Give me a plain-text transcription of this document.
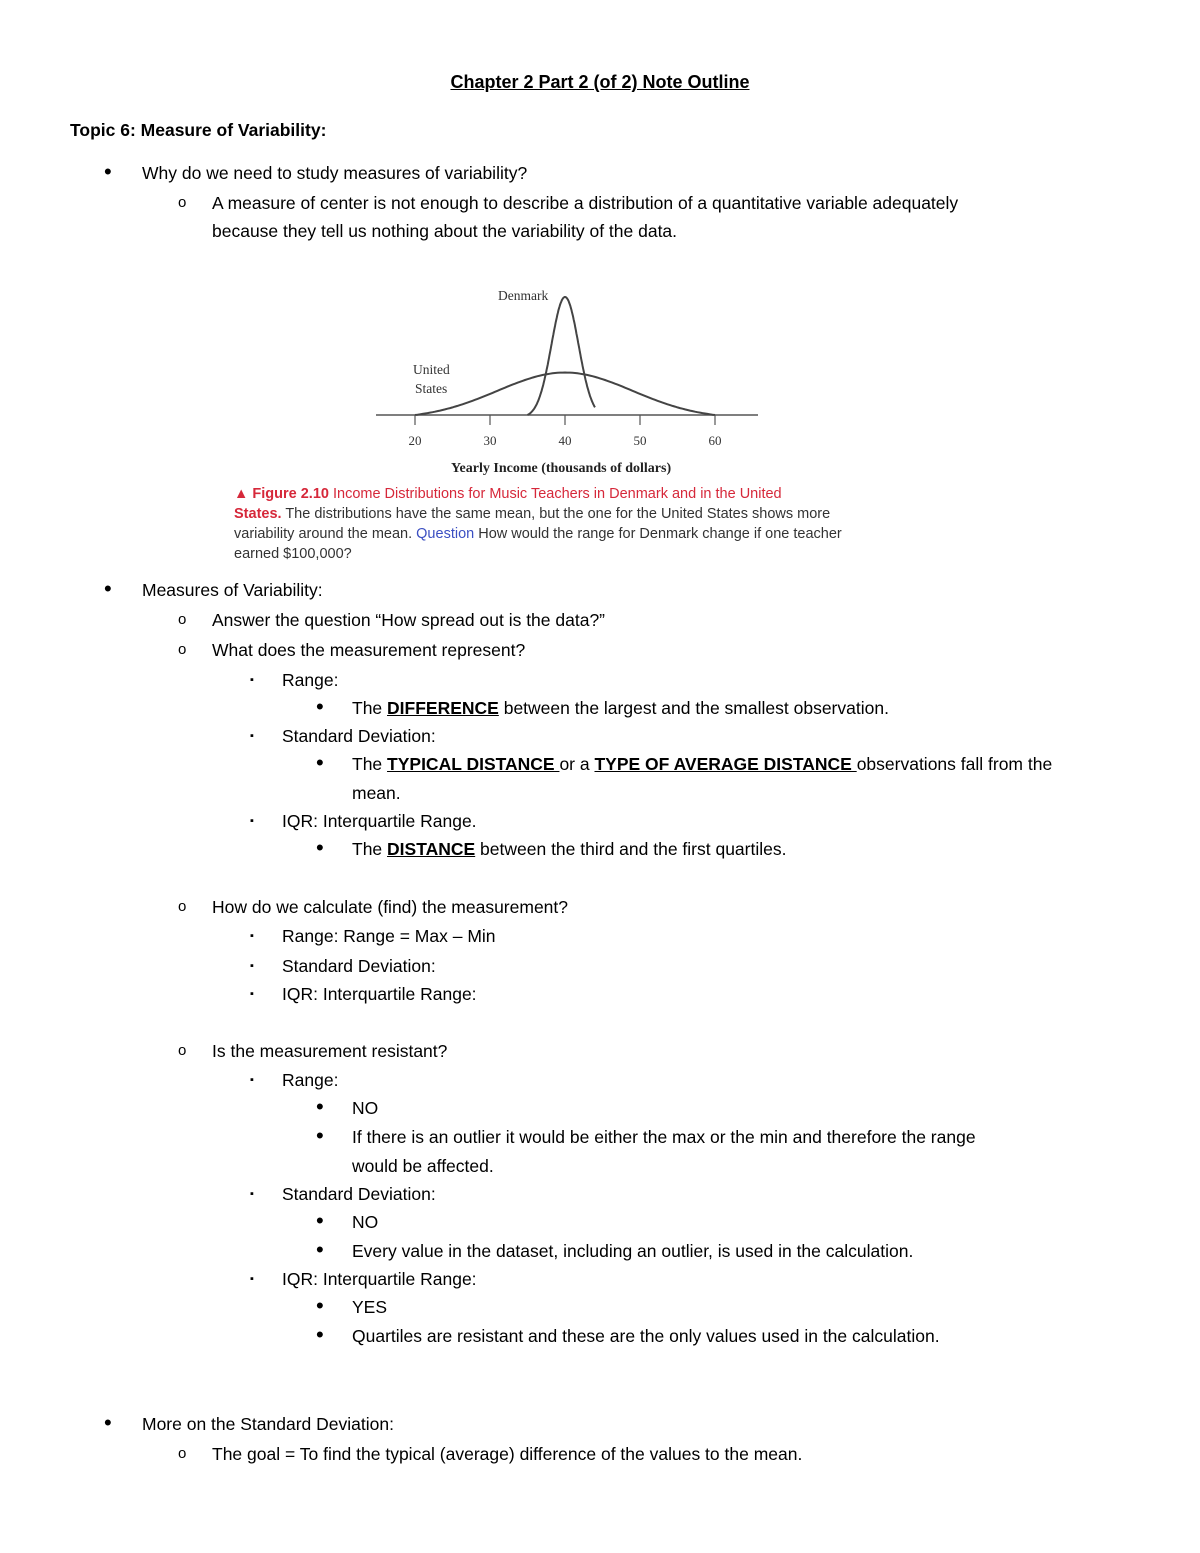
Chapter 2 Part 2 (of 2) Note Outline
Topic 6: Measure of Variability:
• Why do we need to study measures of variability?
o A measure of center is not enough to describe a distribution of a quantitative variable adequately
because they tell us nothing about the variability of the data.
20	30	40	50	60
Denmark
United
States
Yearly Income (thousands of dollars)
▲ Figure 2.10 Income Distributions for Music Teachers in Denmark and in the United
States. The distributions have the same mean, but the one for the United States shows more
variability around the mean. Question How would the range for Denmark change if one teacher
earned $100,000?
• Measures of Variability:
o Answer the question “How spread out is the data?”
o What does the measurement represent?
▪ Range:
• The DIFFERENCE between the largest and the smallest observation.
▪ Standard Deviation:
• The TYPICAL DISTANCE or a TYPE OF AVERAGE DISTANCE observations fall from the
mean.
▪ IQR: Interquartile Range.
• The DISTANCE between the third and the first quartiles.
o How do we calculate (find) the measurement?
▪ Range: Range = Max – Min
▪ Standard Deviation:
▪ IQR: Interquartile Range:
o Is the measurement resistant?
▪ Range:
• NO
• If there is an outlier it would be either the max or the min and therefore the range
would be affected.
▪ Standard Deviation:
• NO
• Every value in the dataset, including an outlier, is used in the calculation.
▪ IQR: Interquartile Range:
• YES
• Quartiles are resistant and these are the only values used in the calculation.
• More on the Standard Deviation:
o The goal = To find the typical (average) difference of the values to the mean.
